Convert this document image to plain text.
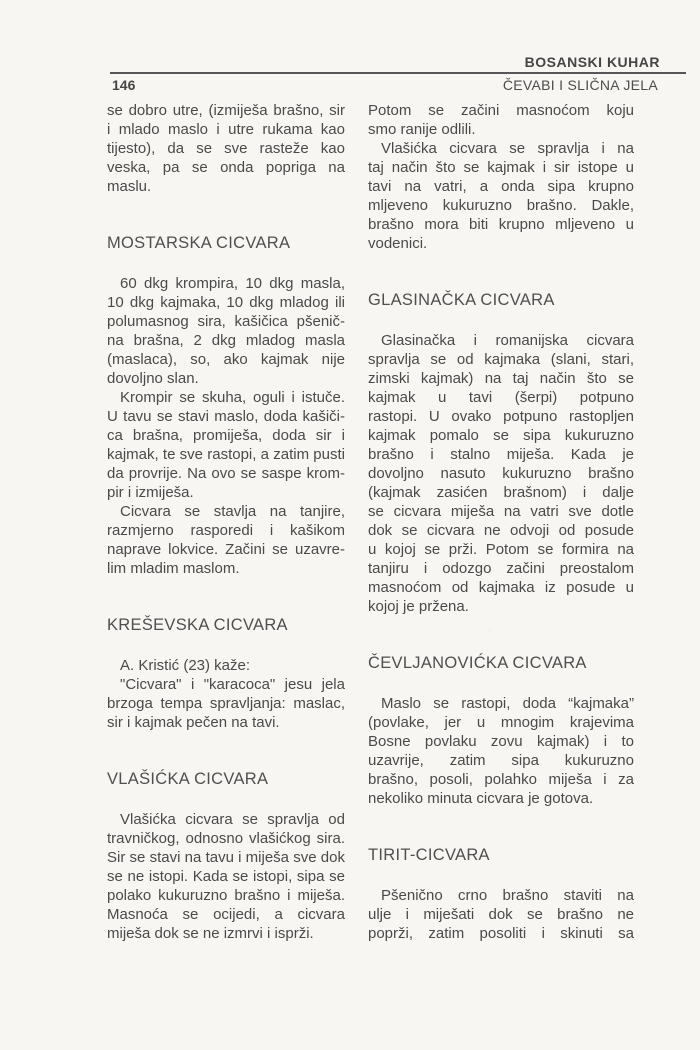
BOSANSKI KUHAR
146	ČEVABI I SLIČNA JELA
se dobro utre, (izmiješa brašno, sir
i mlado maslo i utre rukama kao
tijesto), da se sve rasteže kao
veska, pa se onda popriga na
maslu.
MOSTARSKA CICVARA
60 dkg krompira, 10 dkg masla,
10 dkg kajmaka, 10 dkg mladog ili
polumasnog sira, kašičica pšenič-
na brašna, 2 dkg mladog masla
(maslaca), so, ako kajmak nije
dovoljno slan.
Krompir se skuha, oguli i istuče.
U tavu se stavi maslo, doda kašiči-
ca brašna, promiješa, doda sir i
kajmak, te sve rastopi, a zatim pusti
da provrije. Na ovo se saspe krom-
pir i izmiješa.
Cicvara se stavlja na tanjire,
razmjerno rasporedi i kašikom
naprave lokvice. Začini se uzavre-
lim mladim maslom.
KREŠEVSKA CICVARA
A. Kristić (23) kaže:
"Cicvara" i "karacoca" jesu jela
brzoga tempa spravljanja: maslac,
sir i kajmak pečen na tavi.
VLAŠIĆKA CICVARA
Vlašićka cicvara se spravlja od
travničkog, odnosno vlašićkog sira.
Sir se stavi na tavu i miješa sve dok
se ne istopi. Kada se istopi, sipa se
polako kukuruzno brašno i miješa.
Masnoća se ocijedi, a cicvara
miješa dok se ne izmrvi i isprži.
Potom se začini masnoćom koju
smo ranije odlili.
Vlašićka cicvara se spravlja i na
taj način što se kajmak i sir istope u
tavi na vatri, a onda sipa krupno
mljeveno kukuruzno brašno. Dakle,
brašno mora biti krupno mljeveno u
vodenici.
GLASINAČKA CICVARA
Glasinačka i romanijska cicvara
spravlja se od kajmaka (slani, stari,
zimski kajmak) na taj način što se
kajmak u tavi (šerpi) potpuno
rastopi. U ovako potpuno rastopljen
kajmak pomalo se sipa kukuruzno
brašno i stalno miješa. Kada je
dovoljno nasuto kukuruzno brašno
(kajmak zasićen brašnom) i dalje
se cicvara miješa na vatri sve dotle
dok se cicvara ne odvoji od posude
u kojoj se prži. Potom se formira na
tanjiru i odozgo začini preostalom
masnoćom od kajmaka iz posude u
kojoj je pržena.
ČEVLJANOVIĆKA CICVARA
Maslo se rastopi, doda “kajmaka”
(povlake, jer u mnogim krajevima
Bosne povlaku zovu kajmak) i to
uzavrije, zatim sipa kukuruzno
brašno, posoli, polahko miješa i za
nekoliko minuta cicvara je gotova.
TIRIT-CICVARA
Pšenično crno brašno staviti na
ulje i miješati dok se brašno ne
poprži, zatim posoliti i skinuti sa
